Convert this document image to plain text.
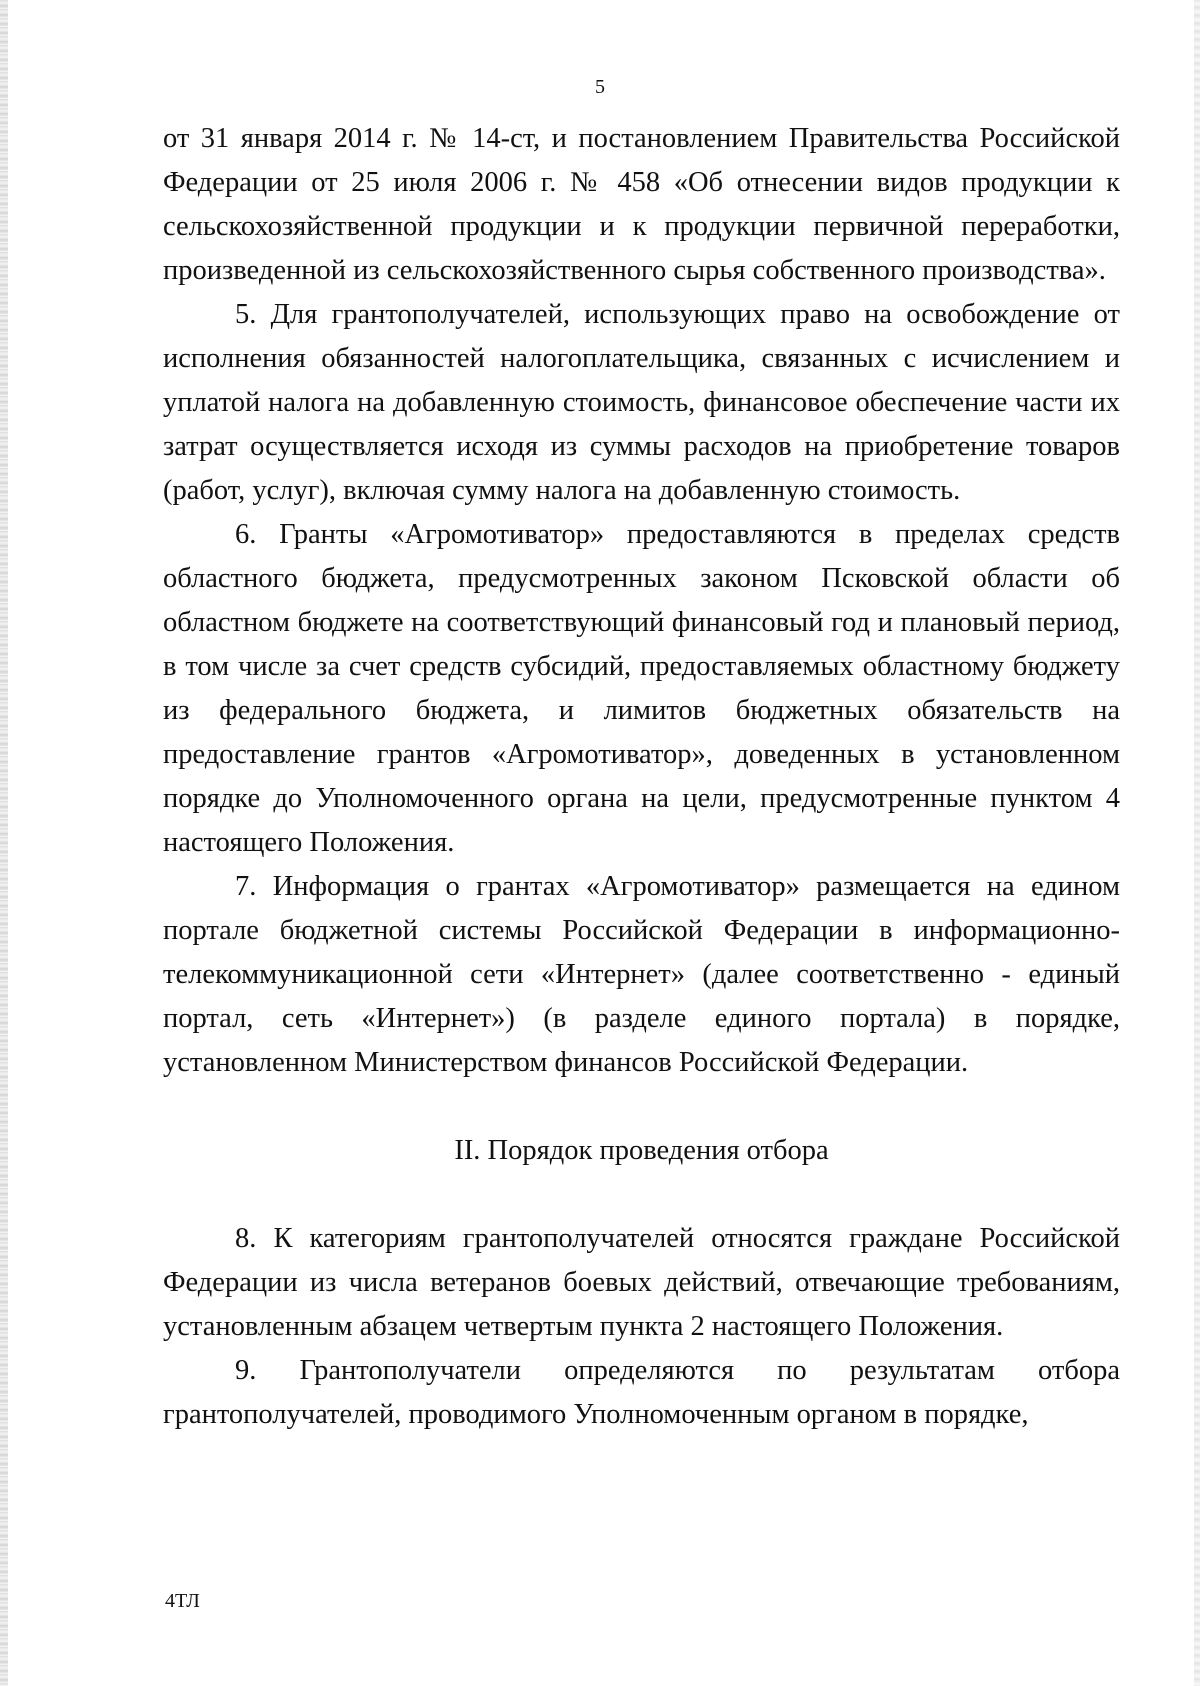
5

от 31 января 2014 г. № 14-ст, и постановлением Правительства Российской Федерации от 25 июля 2006 г. № 458 «Об отнесении видов продукции к сельскохозяйственной продукции и к продукции первичной переработки, произведенной из сельскохозяйственного сырья собственного производства».

5. Для грантополучателей, использующих право на освобождение от исполнения обязанностей налогоплательщика, связанных с исчислением и уплатой налога на добавленную стоимость, финансовое обеспечение части их затрат осуществляется исходя из суммы расходов на приобретение товаров (работ, услуг), включая сумму налога на добавленную стоимость.

6. Гранты «Агромотиватор» предоставляются в пределах средств областного бюджета, предусмотренных законом Псковской области об областном бюджете на соответствующий финансовый год и плановый период, в том числе за счет средств субсидий, предоставляемых областному бюджету из федерального бюджета, и лимитов бюджетных обязательств на предоставление грантов «Агромотиватор», доведенных в установленном порядке до Уполномоченного органа на цели, предусмотренные пунктом 4 настоящего Положения.

7. Информация о грантах «Агромотиватор» размещается на едином портале бюджетной системы Российской Федерации в информационно-телекоммуникационной сети «Интернет» (далее соответственно - единый портал, сеть «Интернет») (в разделе единого портала) в порядке, установленном Министерством финансов Российской Федерации.

II. Порядок проведения отбора

8. К категориям грантополучателей относятся граждане Российской Федерации из числа ветеранов боевых действий, отвечающие требованиям, установленным абзацем четвертым пункта 2 настоящего Положения.

9. Грантополучатели определяются по результатам отбора грантополучателей, проводимого Уполномоченным органом в порядке,

4ТЛ
